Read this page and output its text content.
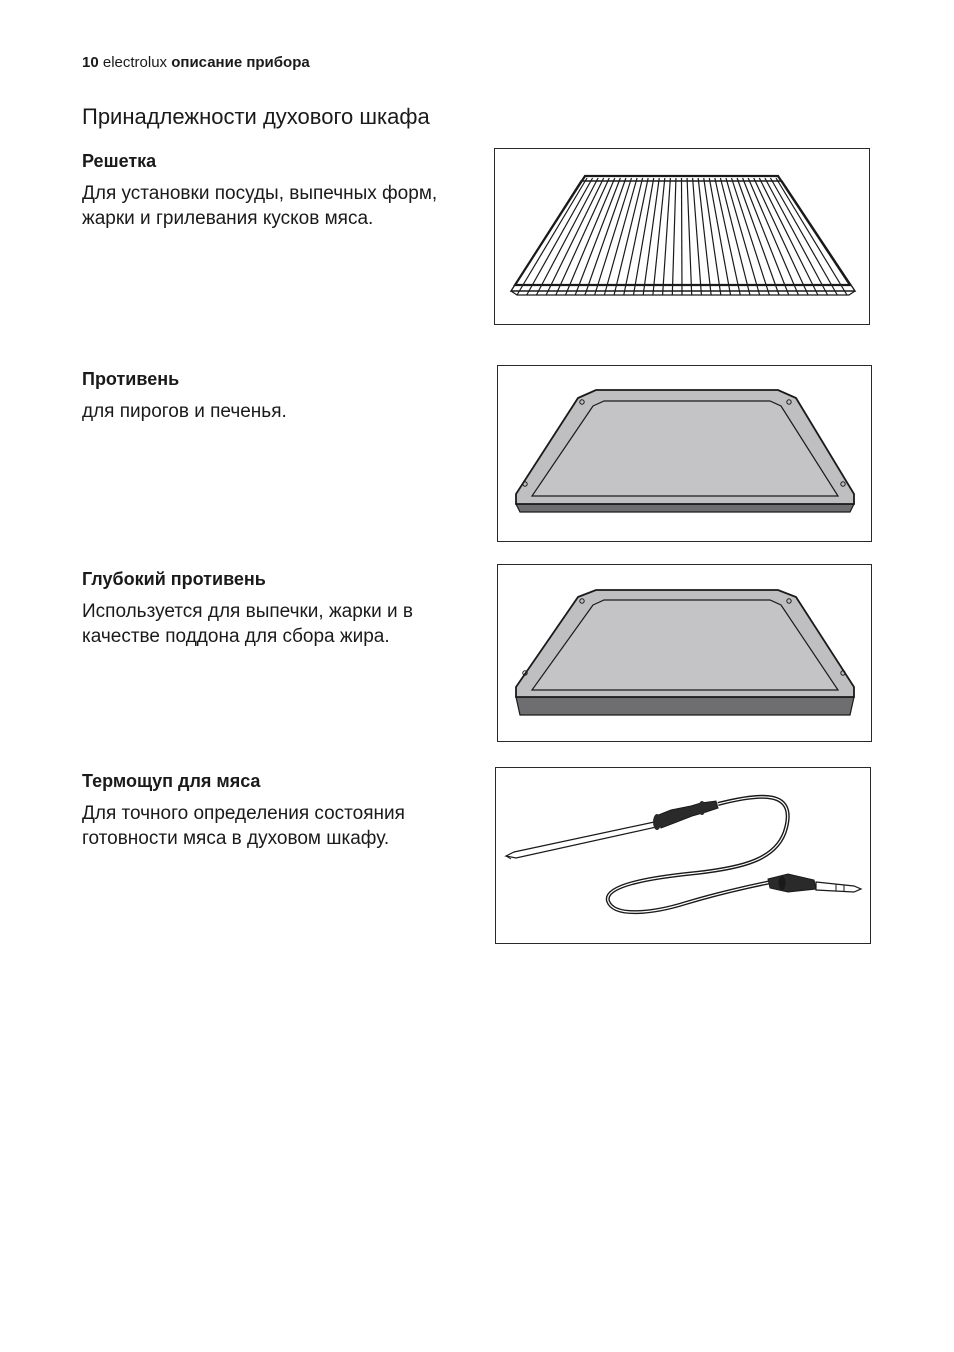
10 electrolux описание прибора
Принадлежности духового шкафа
Решетка

Для установки посуды, выпечных форм, жарки и грилевания кусков мяса.

Противень

для пирогов и печенья.

Глубокий противень

Используется для выпечки, жарки и в качестве поддона для сбора жира.

Термощуп для мяса

Для точного определения состояния готовности мяса в духовом шкафу.
